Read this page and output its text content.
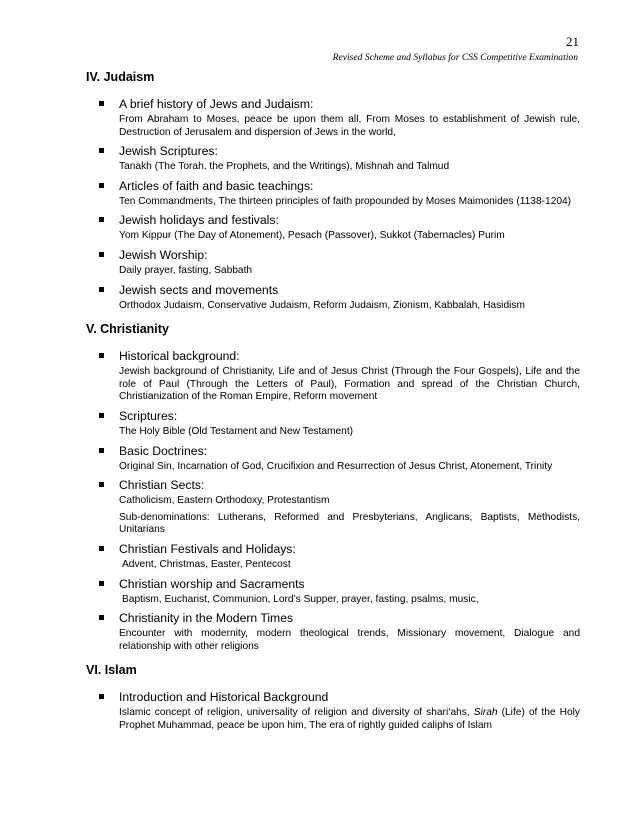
21
Revised Scheme and Syllabus for CSS Competitive Examination
IV. Judaism
A brief history of Jews and Judaism:
From Abraham to Moses, peace be upon them all, From Moses to establishment of Jewish rule, Destruction of Jerusalem and dispersion of Jews in the world,
Jewish Scriptures:
Tanakh (The Torah, the Prophets, and the Writings), Mishnah and Talmud
Articles of faith and basic teachings:
Ten Commandments, The thirteen principles of faith propounded by Moses Maimonides (1138-1204)
Jewish holidays and festivals:
Yom Kippur (The Day of Atonement), Pesach (Passover), Sukkot (Tabernacles) Purim
Jewish Worship:
Daily prayer, fasting, Sabbath
Jewish sects and movements
Orthodox Judaism, Conservative Judaism, Reform Judaism, Zionism, Kabbalah, Hasidism
V. Christianity
Historical background:
Jewish background of Christianity, Life and of Jesus Christ (Through the Four Gospels), Life and the role of Paul (Through the Letters of Paul), Formation and spread of the Christian Church, Christianization of the Roman Empire, Reform movement
Scriptures:
The Holy Bible (Old Testament and New Testament)
Basic Doctrines:
Original Sin, Incarnation of God, Crucifixion and Resurrection of Jesus Christ, Atonement, Trinity
Christian Sects:
Catholicism, Eastern Orthodoxy, Protestantism
Sub-denominations: Lutherans, Reformed and Presbyterians, Anglicans, Baptists, Methodists, Unitarians
Christian Festivals and Holidays:
Advent, Christmas, Easter, Pentecost
Christian worship and Sacraments
Baptism, Eucharist, Communion, Lord’s Supper, prayer, fasting, psalms, music,
Christianity in the Modern Times
Encounter with modernity, modern theological trends, Missionary movement, Dialogue and relationship with other religions
VI. Islam
Introduction and Historical Background
Islamic concept of religion, universality of religion and diversity of shari‘ahs, Sirah (Life) of the Holy Prophet Muhammad, peace be upon him, The era of rightly guided caliphs of Islam
